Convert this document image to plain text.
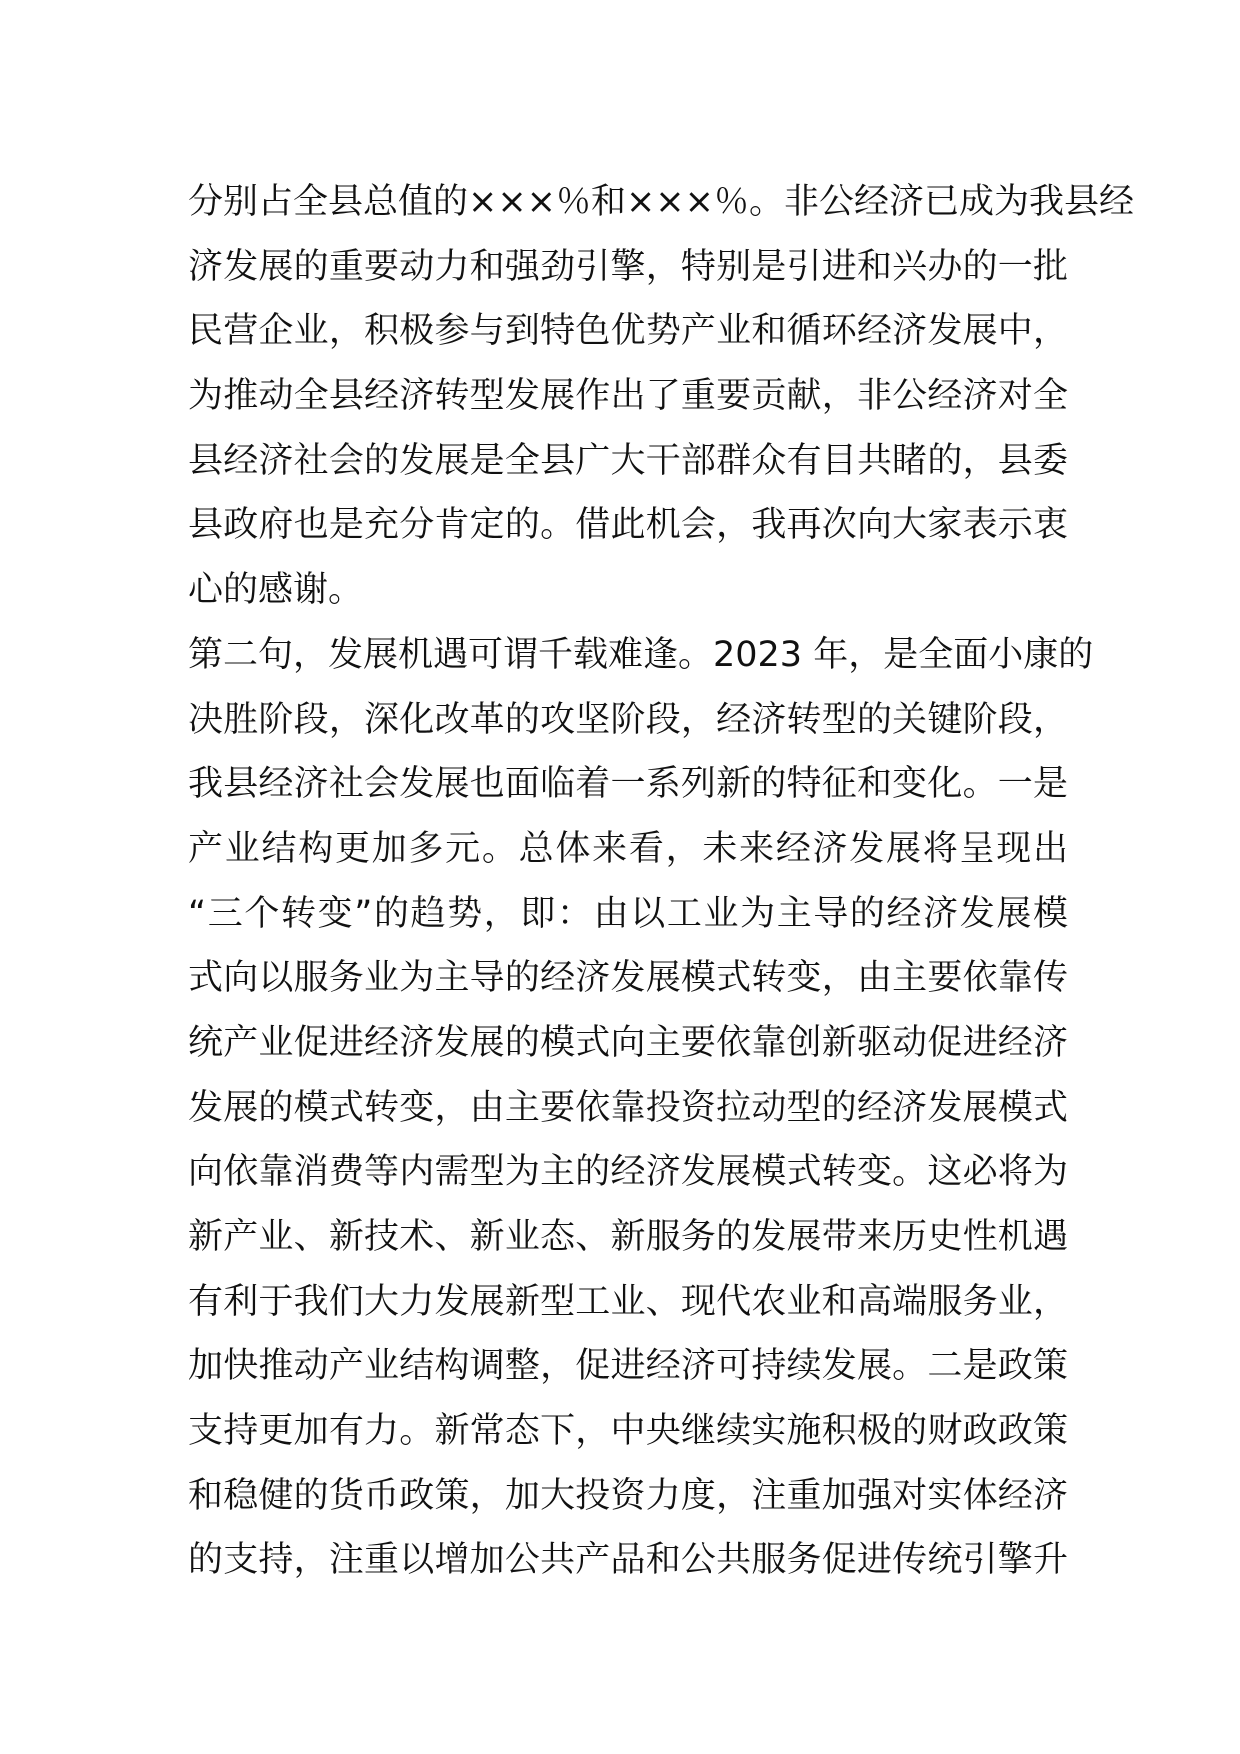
分别占全县总值的×××％和×××％。非公经济已成为我县经
济发展的重要动力和强劲引擎，特别是引进和兴办的一批
民营企业，积极参与到特色优势产业和循环经济发展中，
为推动全县经济转型发展作出了重要贡献，非公经济对全
县经济社会的发展是全县广大干部群众有目共睹的，县委
县政府也是充分肯定的。借此机会，我再次向大家表示衷
心的感谢。
第二句，发展机遇可谓千载难逢。2023 年，是全面小康的
决胜阶段，深化改革的攻坚阶段，经济转型的关键阶段，
我县经济社会发展也面临着一系列新的特征和变化。一是
产业结构更加多元。总体来看，未来经济发展将呈现出
“三个转变”的趋势，即：由以工业为主导的经济发展模
式向以服务业为主导的经济发展模式转变，由主要依靠传
统产业促进经济发展的模式向主要依靠创新驱动促进经济
发展的模式转变，由主要依靠投资拉动型的经济发展模式
向依靠消费等内需型为主的经济发展模式转变。这必将为
新产业、新技术、新业态、新服务的发展带来历史性机遇
有利于我们大力发展新型工业、现代农业和高端服务业，
加快推动产业结构调整，促进经济可持续发展。二是政策
支持更加有力。新常态下，中央继续实施积极的财政政策
和稳健的货币政策，加大投资力度，注重加强对实体经济
的支持，注重以增加公共产品和公共服务促进传统引擎升
